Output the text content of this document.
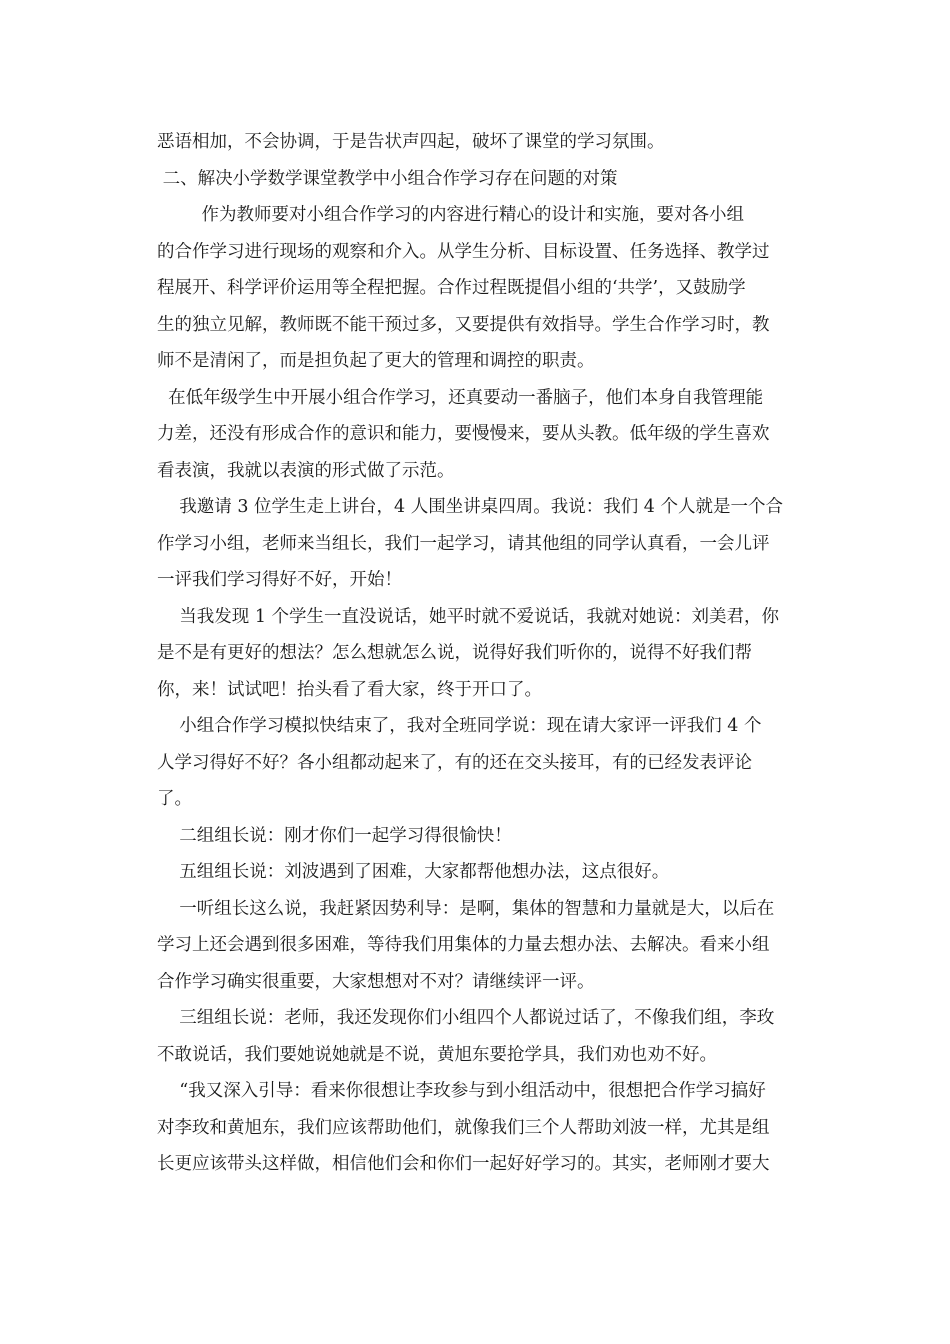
恶语相加，不会协调，于是告状声四起，破坏了课堂的学习氛围。
二、解决小学数学课堂教学中小组合作学习存在问题的对策
作为教师要对小组合作学习的内容进行精心的设计和实施，要对各小组
的合作学习进行现场的观察和介入。从学生分析、目标设置、任务选择、教学过
程展开、科学评价运用等全程把握。合作过程既提倡小组的‘共学’，又鼓励学
生的独立见解，教师既不能干预过多，又要提供有效指导。学生合作学习时，教
师不是清闲了，而是担负起了更大的管理和调控的职责。
在低年级学生中开展小组合作学习，还真要动一番脑子，他们本身自我管理能
力差，还没有形成合作的意识和能力，要慢慢来，要从头教。低年级的学生喜欢
看表演，我就以表演的形式做了示范。
我邀请 3 位学生走上讲台，4 人围坐讲桌四周。我说：我们 4 个人就是一个合
作学习小组，老师来当组长，我们一起学习，请其他组的同学认真看，一会儿评
一评我们学习得好不好，开始！
当我发现 1 个学生一直没说话，她平时就不爱说话，我就对她说：刘美君，你
是不是有更好的想法？怎么想就怎么说，说得好我们听你的，说得不好我们帮
你，来！试试吧！抬头看了看大家，终于开口了。
小组合作学习模拟快结束了，我对全班同学说：现在请大家评一评我们 4 个
人学习得好不好？各小组都动起来了，有的还在交头接耳，有的已经发表评论
了。
二组组长说：刚才你们一起学习得很愉快！
五组组长说：刘波遇到了困难，大家都帮他想办法，这点很好。
一听组长这么说，我赶紧因势利导：是啊，集体的智慧和力量就是大，以后在
学习上还会遇到很多困难，等待我们用集体的力量去想办法、去解决。看来小组
合作学习确实很重要，大家想想对不对？请继续评一评。
三组组长说：老师，我还发现你们小组四个人都说过话了，不像我们组，李玫
不敢说话，我们要她说她就是不说，黄旭东要抢学具，我们劝也劝不好。
“我又深入引导：看来你很想让李玫参与到小组活动中，很想把合作学习搞好
对李玫和黄旭东，我们应该帮助他们，就像我们三个人帮助刘波一样，尤其是组
长更应该带头这样做，相信他们会和你们一起好好学习的。其实，老师刚才要大
